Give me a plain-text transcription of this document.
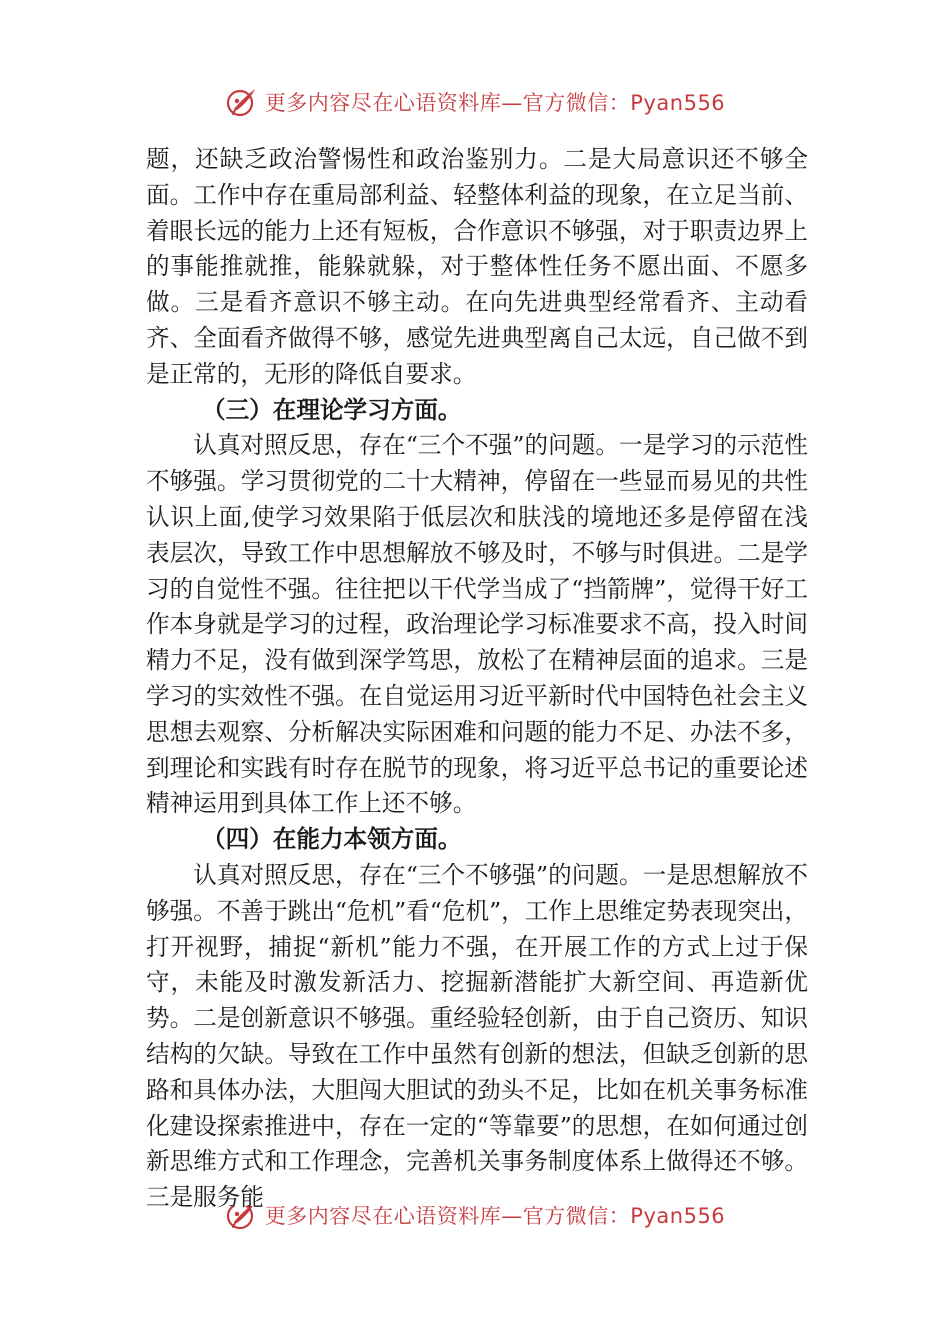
更多内容尽在心语资料库—官方微信：Pyan556

题，还缺乏政治警惕性和政治鉴别力。二是大局意识还不够全面。工作中存在重局部利益、轻整体利益的现象，在立足当前、着眼长远的能力上还有短板，合作意识不够强，对于职责边界上的事能推就推，能躲就躲，对于整体性任务不愿出面、不愿多做。三是看齐意识不够主动。在向先进典型经常看齐、主动看齐、全面看齐做得不够，感觉先进典型离自己太远，自己做不到是正常的，无形的降低自要求。

（三）在理论学习方面。

认真对照反思，存在“三个不强”的问题。一是学习的示范性不够强。学习贯彻党的二十大精神，停留在一些显而易见的共性认识上面,使学习效果陷于低层次和肤浅的境地还多是停留在浅表层次，导致工作中思想解放不够及时，不够与时俱进。二是学习的自觉性不强。往往把以干代学当成了“挡箭牌”，觉得干好工作本身就是学习的过程，政治理论学习标准要求不高，投入时间精力不足，没有做到深学笃思，放松了在精神层面的追求。三是学习的实效性不强。在自觉运用习近平新时代中国特色社会主义思想去观察、分析解决实际困难和问题的能力不足、办法不多，到理论和实践有时存在脱节的现象，将习近平总书记的重要论述精神运用到具体工作上还不够。

（四）在能力本领方面。

认真对照反思，存在“三个不够强”的问题。一是思想解放不够强。不善于跳出“危机”看“危机”，工作上思维定势表现突出，打开视野，捕捉“新机”能力不强，在开展工作的方式上过于保守，未能及时激发新活力、挖掘新潜能扩大新空间、再造新优势。二是创新意识不够强。重经验轻创新，由于自己资历、知识结构的欠缺。导致在工作中虽然有创新的想法，但缺乏创新的思路和具体办法，大胆闯大胆试的劲头不足，比如在机关事务标准化建设探索推进中，存在一定的“等靠要”的思想，在如何通过创新思维方式和工作理念，完善机关事务制度体系上做得还不够。三是服务能

更多内容尽在心语资料库—官方微信：Pyan556
